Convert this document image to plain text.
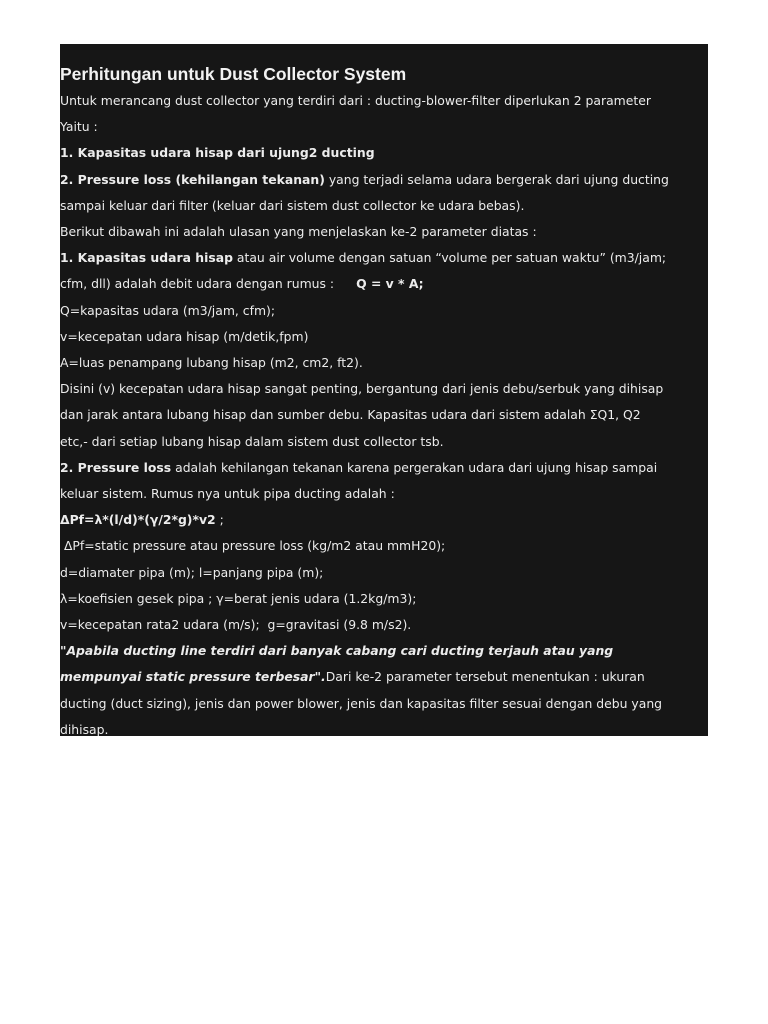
Perhitungan untuk Dust Collector System

Untuk merancang dust collector yang terdiri dari : ducting-blower-filter diperlukan 2 parameter

Yaitu :

1. Kapasitas udara hisap dari ujung2 ducting

2. Pressure loss (kehilangan tekanan) yang terjadi selama udara bergerak dari ujung ducting

sampai keluar dari filter (keluar dari sistem dust collector ke udara bebas).

Berikut dibawah ini adalah ulasan yang menjelaskan ke-2 parameter diatas :

1. Kapasitas udara hisap atau air volume dengan satuan “volume per satuan waktu” (m3/jam;

cfm, dll) adalah debit udara dengan rumus : Q = v * A;

Q=kapasitas udara (m3/jam, cfm);

v=kecepatan udara hisap (m/detik,fpm)

A=luas penampang lubang hisap (m2, cm2, ft2).

Disini (v) kecepatan udara hisap sangat penting, bergantung dari jenis debu/serbuk yang dihisap

dan jarak antara lubang hisap dan sumber debu. Kapasitas udara dari sistem adalah ΣQ1, Q2

etc,- dari setiap lubang hisap dalam sistem dust collector tsb.

2. Pressure loss adalah kehilangan tekanan karena pergerakan udara dari ujung hisap sampai

keluar sistem. Rumus nya untuk pipa ducting adalah :

ΔPf=λ*(l/d)*(γ/2*g)*v2 ;

ΔPf=static pressure atau pressure loss (kg/m2 atau mmH20);

d=diamater pipa (m); l=panjang pipa (m);

λ=koefisien gesek pipa ; γ=berat jenis udara (1.2kg/m3);

v=kecepatan rata2 udara (m/s);  g=gravitasi (9.8 m/s2).

"Apabila ducting line terdiri dari banyak cabang cari ducting terjauh atau yang

mempunyai static pressure terbesar".Dari ke-2 parameter tersebut menentukan : ukuran

ducting (duct sizing), jenis dan power blower, jenis dan kapasitas filter sesuai dengan debu yang

dihisap.
